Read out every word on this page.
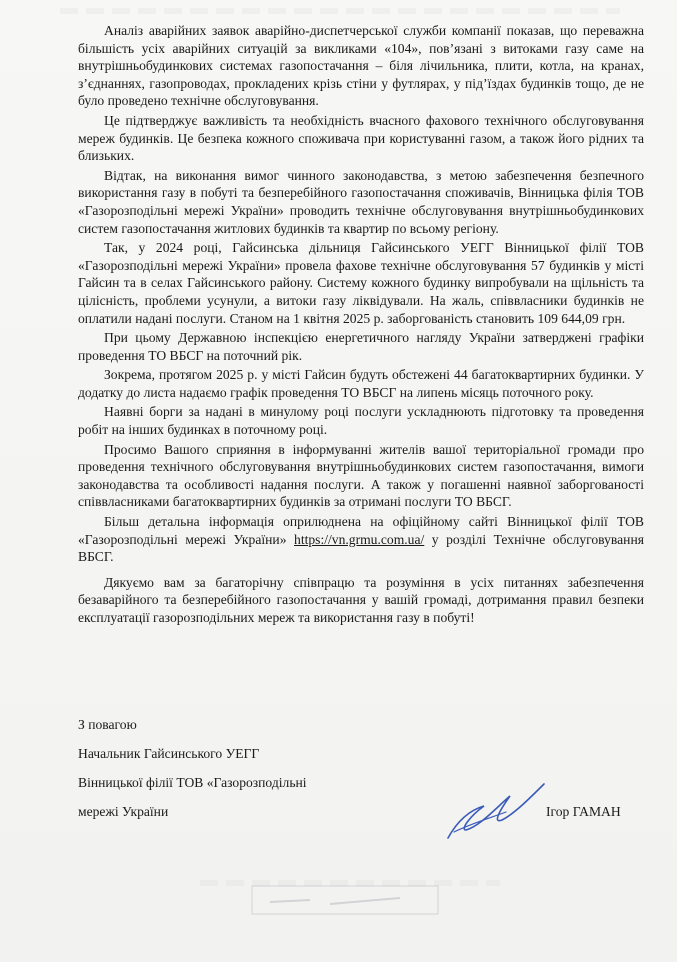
Аналіз аварійних заявок аварійно-диспетчерської служби компанії показав, що переважна більшість усіх аварійних ситуацій за викликами «104», пов’язані з витоками газу саме на внутрішньобудинкових системах газопостачання – біля лічильника, плити, котла, на кранах, з’єднаннях, газопроводах, прокладених крізь стіни у футлярах, у під’їздах будинків тощо, де не було проведено технічне обслуговування.

Це підтверджує важливість та необхідність вчасного фахового технічного обслуговування мереж будинків. Це безпека кожного споживача при користуванні газом, а також його рідних та близьких.

Відтак, на виконання вимог чинного законодавства, з метою забезпечення безпечного використання газу в побуті та безперебійного газопостачання споживачів, Вінницька філія ТОВ «Газорозподільні мережі України» проводить технічне обслуговування внутрішньобудинкових систем газопостачання житлових будинків та квартир по всьому регіону.

Так, у 2024 році, Гайсинська дільниця Гайсинського УЕГГ Вінницької філії ТОВ «Газорозподільні мережі України» провела фахове технічне обслуговування 57 будинків у місті Гайсин та в селах Гайсинського району. Систему кожного будинку випробували на щільність та цілісність, проблеми усунули, а витоки газу ліквідували. На жаль, співвласники будинків не оплатили надані послуги. Станом на 1 квітня 2025 р. заборгованість становить 109 644,09 грн.

При цьому Державною інспекцією енергетичного нагляду України затверджені графіки проведення ТО ВБСГ на поточний рік.

Зокрема, протягом 2025 р. у місті Гайсин будуть обстежені 44 багатоквартирних будинки. У додатку до листа надаємо графік проведення ТО ВБСГ на липень місяць поточного року.

Наявні борги за надані в минулому році послуги ускладнюють підготовку та проведення робіт на інших будинках в поточному році.

Просимо Вашого сприяння в інформуванні жителів вашої територіальної громади про проведення технічного обслуговування внутрішньобудинкових систем газопостачання, вимоги законодавства та особливості надання послуги. А також у погашенні наявної заборгованості співвласниками багатоквартирних будинків за отримані послуги ТО ВБСГ.

Більш детальна інформація оприлюднена на офіційному сайті Вінницької філії ТОВ «Газорозподільні мережі України» https://vn.grmu.com.ua/ у розділі Технічне обслуговування ВБСГ.

Дякуємо вам за багаторічну співпрацю та розуміння в усіх питаннях забезпечення безаварійного та безперебійного газопостачання у вашій громаді, дотримання правил безпеки експлуатації газорозподільних мереж та використання газу в побуті!

З повагою
Начальник Гайсинського УЕГГ
Вінницької філії ТОВ «Газорозподільні
мережі України	Ігор ГАМАН
